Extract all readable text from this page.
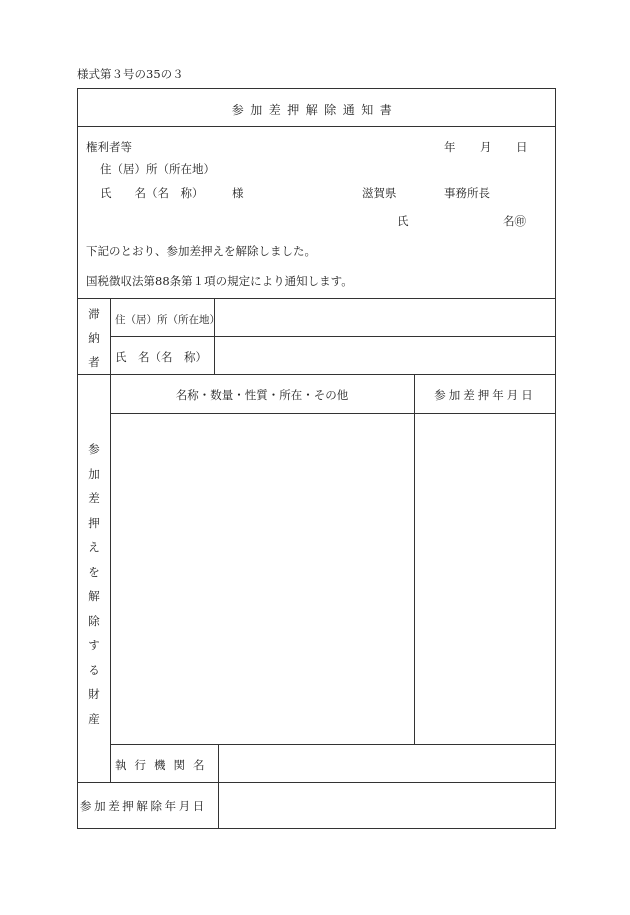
様式第３号の35の３
参加差押解除通知書
権利者等	年 月 日
住（居）所（所在地）
氏　　名（名　称） 様	滋賀県	事務所長
氏	名㊞
下記のとおり、参加差押えを解除しました。
国税徴収法第88条第１項の規定により通知します。
滞
納
者
住（居）所（所在地）
氏　名（名　称）
参
加
差
押
え
を
解
除
す
る
財
産
名称・数量・性質・所在・その他	参加差押年月日
執行機関名
参加差押解除年月日
